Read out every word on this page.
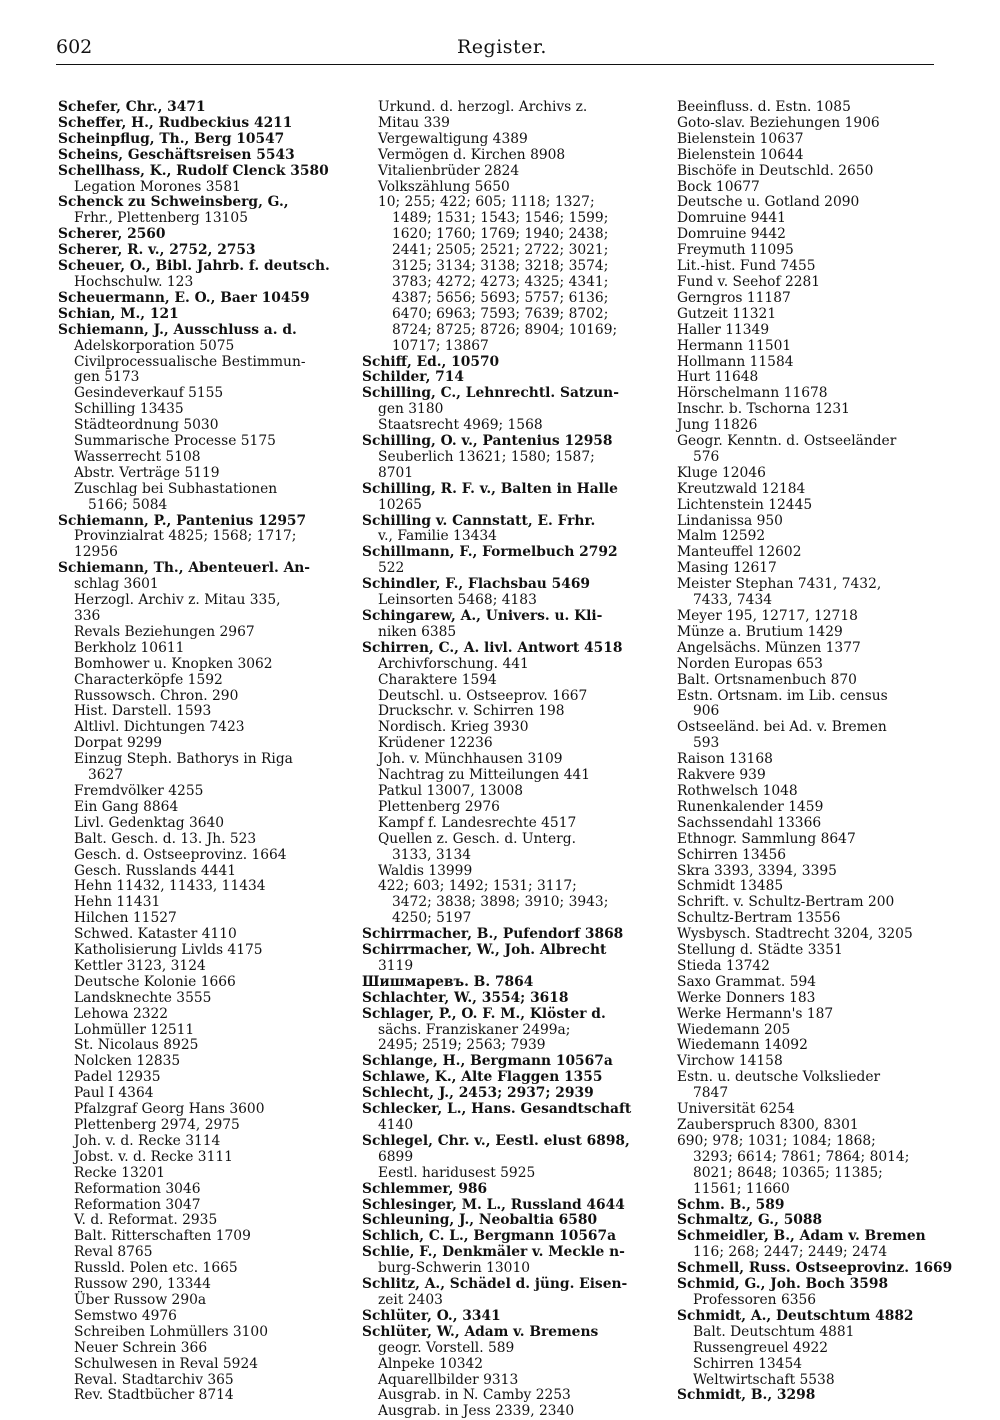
602	Register.
Schefer, Chr., 3471
Scheffer, H., Rudbeckius 4211
Scheinpflug, Th., Berg 10547
Scheins, Geschäftsreisen 5543
Schellhass, K., Rudolf Clenck 3580
Legation Morones 3581
Schenck zu Schweinsberg, G.,
Frhr., Plettenberg 13105
Scherer, 2560
Scherer, R. v., 2752, 2753
Scheuer, O., Bibl. Jahrb. f. deutsch.
Hochschulw. 123
Scheuermann, E. O., Baer 10459
Schian, M., 121
Schiemann, J., Ausschluss a. d.
Adelskorporation 5075
Civilprocessualische Bestimmun-
gen 5173
Gesindeverkauf 5155
Schilling 13435
Städteordnung 5030
Summarische Processe 5175
Wasserrecht 5108
Abstr. Verträge 5119
Zuschlag bei Subhastationen
5166; 5084
Schiemann, P., Pantenius 12957
Provinzialrat 4825; 1568; 1717;
12956
Schiemann, Th., Abenteuerl. An-
schlag 3601
Herzogl. Archiv z. Mitau 335,
336
Revals Beziehungen 2967
Berkholz 10611
Bomhower u. Knopken 3062
Characterköpfe 1592
Russowsch. Chron. 290
Hist. Darstell. 1593
Altlivl. Dichtungen 7423
Dorpat 9299
Einzug Steph. Bathorys in Riga
3627
Fremdvölker 4255
Ein Gang 8864
Livl. Gedenktag 3640
Balt. Gesch. d. 13. Jh. 523
Gesch. d. Ostseeprovinz. 1664
Gesch. Russlands 4441
Hehn 11432, 11433, 11434
Hehn 11431
Hilchen 11527
Schwed. Kataster 4110
Katholisierung Livlds 4175
Kettler 3123, 3124
Deutsche Kolonie 1666
Landsknechte 3555
Lehowa 2322
Lohmüller 12511
St. Nicolaus 8925
Nolcken 12835
Padel 12935
Paul I 4364
Pfalzgraf Georg Hans 3600
Plettenberg 2974, 2975
Joh. v. d. Recke 3114
Jobst. v. d. Recke 3111
Recke 13201
Reformation 3046
Reformation 3047
V. d. Reformat. 2935
Balt. Ritterschaften 1709
Reval 8765
Russld. Polen etc. 1665
Russow 290, 13344
Über Russow 290a
Semstwo 4976
Schreiben Lohmüllers 3100
Neuer Schrein 366
Schulwesen in Reval 5924
Reval. Stadtarchiv 365
Rev. Stadtbücher 8714
Urkund. d. herzogl. Archivs z.
Mitau 339
Vergewaltigung 4389
Vermögen d. Kirchen 8908
Vitalienbrüder 2824
Volkszählung 5650
10; 255; 422; 605; 1118; 1327;
1489; 1531; 1543; 1546; 1599;
1620; 1760; 1769; 1940; 2438;
2441; 2505; 2521; 2722; 3021;
3125; 3134; 3138; 3218; 3574;
3783; 4272; 4273; 4325; 4341;
4387; 5656; 5693; 5757; 6136;
6470; 6963; 7593; 7639; 8702;
8724; 8725; 8726; 8904; 10169;
10717; 13867
Schiff, Ed., 10570
Schilder, 714
Schilling, C., Lehnrechtl. Satzun-
gen 3180
Staatsrecht 4969; 1568
Schilling, O. v., Pantenius 12958
Seuberlich 13621; 1580; 1587;
8701
Schilling, R. F. v., Balten in Halle
10265
Schilling v. Cannstatt, E. Frhr.
v., Familie 13434
Schillmann, F., Formelbuch 2792
522
Schindler, F., Flachsbau 5469
Leinsorten 5468; 4183
Schingarew, A., Univers. u. Kli-
niken 6385
Schirren, C., A. livl. Antwort 4518
Archivforschung. 441
Charaktere 1594
Deutschl. u. Ostseeprov. 1667
Druckschr. v. Schirren 198
Nordisch. Krieg 3930
Krüdener 12236
Joh. v. Münchhausen 3109
Nachtrag zu Mitteilungen 441
Patkul 13007, 13008
Plettenberg 2976
Kampf f. Landesrechte 4517
Quellen z. Gesch. d. Unterg.
3133, 3134
Waldis 13999
422; 603; 1492; 1531; 3117;
3472; 3838; 3898; 3910; 3943;
4250; 5197
Schirrmacher, B., Pufendorf 3868
Schirrmacher, W., Joh. Albrecht
3119
Шишмаревъ. В. 7864
Schlachter, W., 3554; 3618
Schlager, P., O. F. M., Klöster d.
sächs. Franziskaner 2499a;
2495; 2519; 2563; 7939
Schlange, H., Bergmann 10567a
Schlawe, K., Alte Flaggen 1355
Schlecht, J., 2453; 2937; 2939
Schlecker, L., Hans. Gesandtschaft
4140
Schlegel, Chr. v., Eestl. elust 6898,
6899
Eestl. haridusest 5925
Schlemmer, 986
Schlesinger, M. L., Russland 4644
Schleuning, J., Neobaltia 6580
Schlich, C. L., Bergmann 10567a
Schlie, F., Denkmäler v. Meckle n-
burg-Schwerin 13010
Schlitz, A., Schädel d. jüng. Eisen-
zeit 2403
Schlüter, O., 3341
Schlüter, W., Adam v. Bremens
geogr. Vorstell. 589
Alnpeke 10342
Aquarellbilder 9313
Ausgrab. in N. Camby 2253
Ausgrab. in Jess 2339, 2340
Beeinfluss. d. Estn. 1085
Goto-slav. Beziehungen 1906
Bielenstein 10637
Bielenstein 10644
Bischöfe in Deutschld. 2650
Bock 10677
Deutsche u. Gotland 2090
Domruine 9441
Domruine 9442
Freymuth 11095
Lit.-hist. Fund 7455
Fund v. Seehof 2281
Gerngros 11187
Gutzeit 11321
Haller 11349
Hermann 11501
Hollmann 11584
Hurt 11648
Hörschelmann 11678
Inschr. b. Tschorna 1231
Jung 11826
Geogr. Kenntn. d. Ostseeländer
576
Kluge 12046
Kreutzwald 12184
Lichtenstein 12445
Lindanissa 950
Malm 12592
Manteuffel 12602
Masing 12617
Meister Stephan 7431, 7432,
7433, 7434
Meyer 195, 12717, 12718
Münze a. Brutium 1429
Angelsächs. Münzen 1377
Norden Europas 653
Balt. Ortsnamenbuch 870
Estn. Ortsnam. im Lib. census
906
Ostseeländ. bei Ad. v. Bremen
593
Raison 13168
Rakvere 939
Rothwelsch 1048
Runenkalender 1459
Sachssendahl 13366
Ethnogr. Sammlung 8647
Schirren 13456
Skra 3393, 3394, 3395
Schmidt 13485
Schrift. v. Schultz-Bertram 200
Schultz-Bertram 13556
Wysbysch. Stadtrecht 3204, 3205
Stellung d. Städte 3351
Stieda 13742
Saxo Grammat. 594
Werke Donners 183
Werke Hermann's 187
Wiedemann 205
Wiedemann 14092
Virchow 14158
Estn. u. deutsche Volkslieder
7847
Universität 6254
Zauberspruch 8300, 8301
690; 978; 1031; 1084; 1868;
3293; 6614; 7861; 7864; 8014;
8021; 8648; 10365; 11385;
11561; 11660
Schm. B., 589
Schmaltz, G., 5088
Schmeidler, B., Adam v. Bremen
116; 268; 2447; 2449; 2474
Schmell, Russ. Ostseeprovinz. 1669
Schmid, G., Joh. Boch 3598
Professoren 6356
Schmidt, A., Deutschtum 4882
Balt. Deutschtum 4881
Russengreuel 4922
Schirren 13454
Weltwirtschaft 5538
Schmidt, B., 3298
